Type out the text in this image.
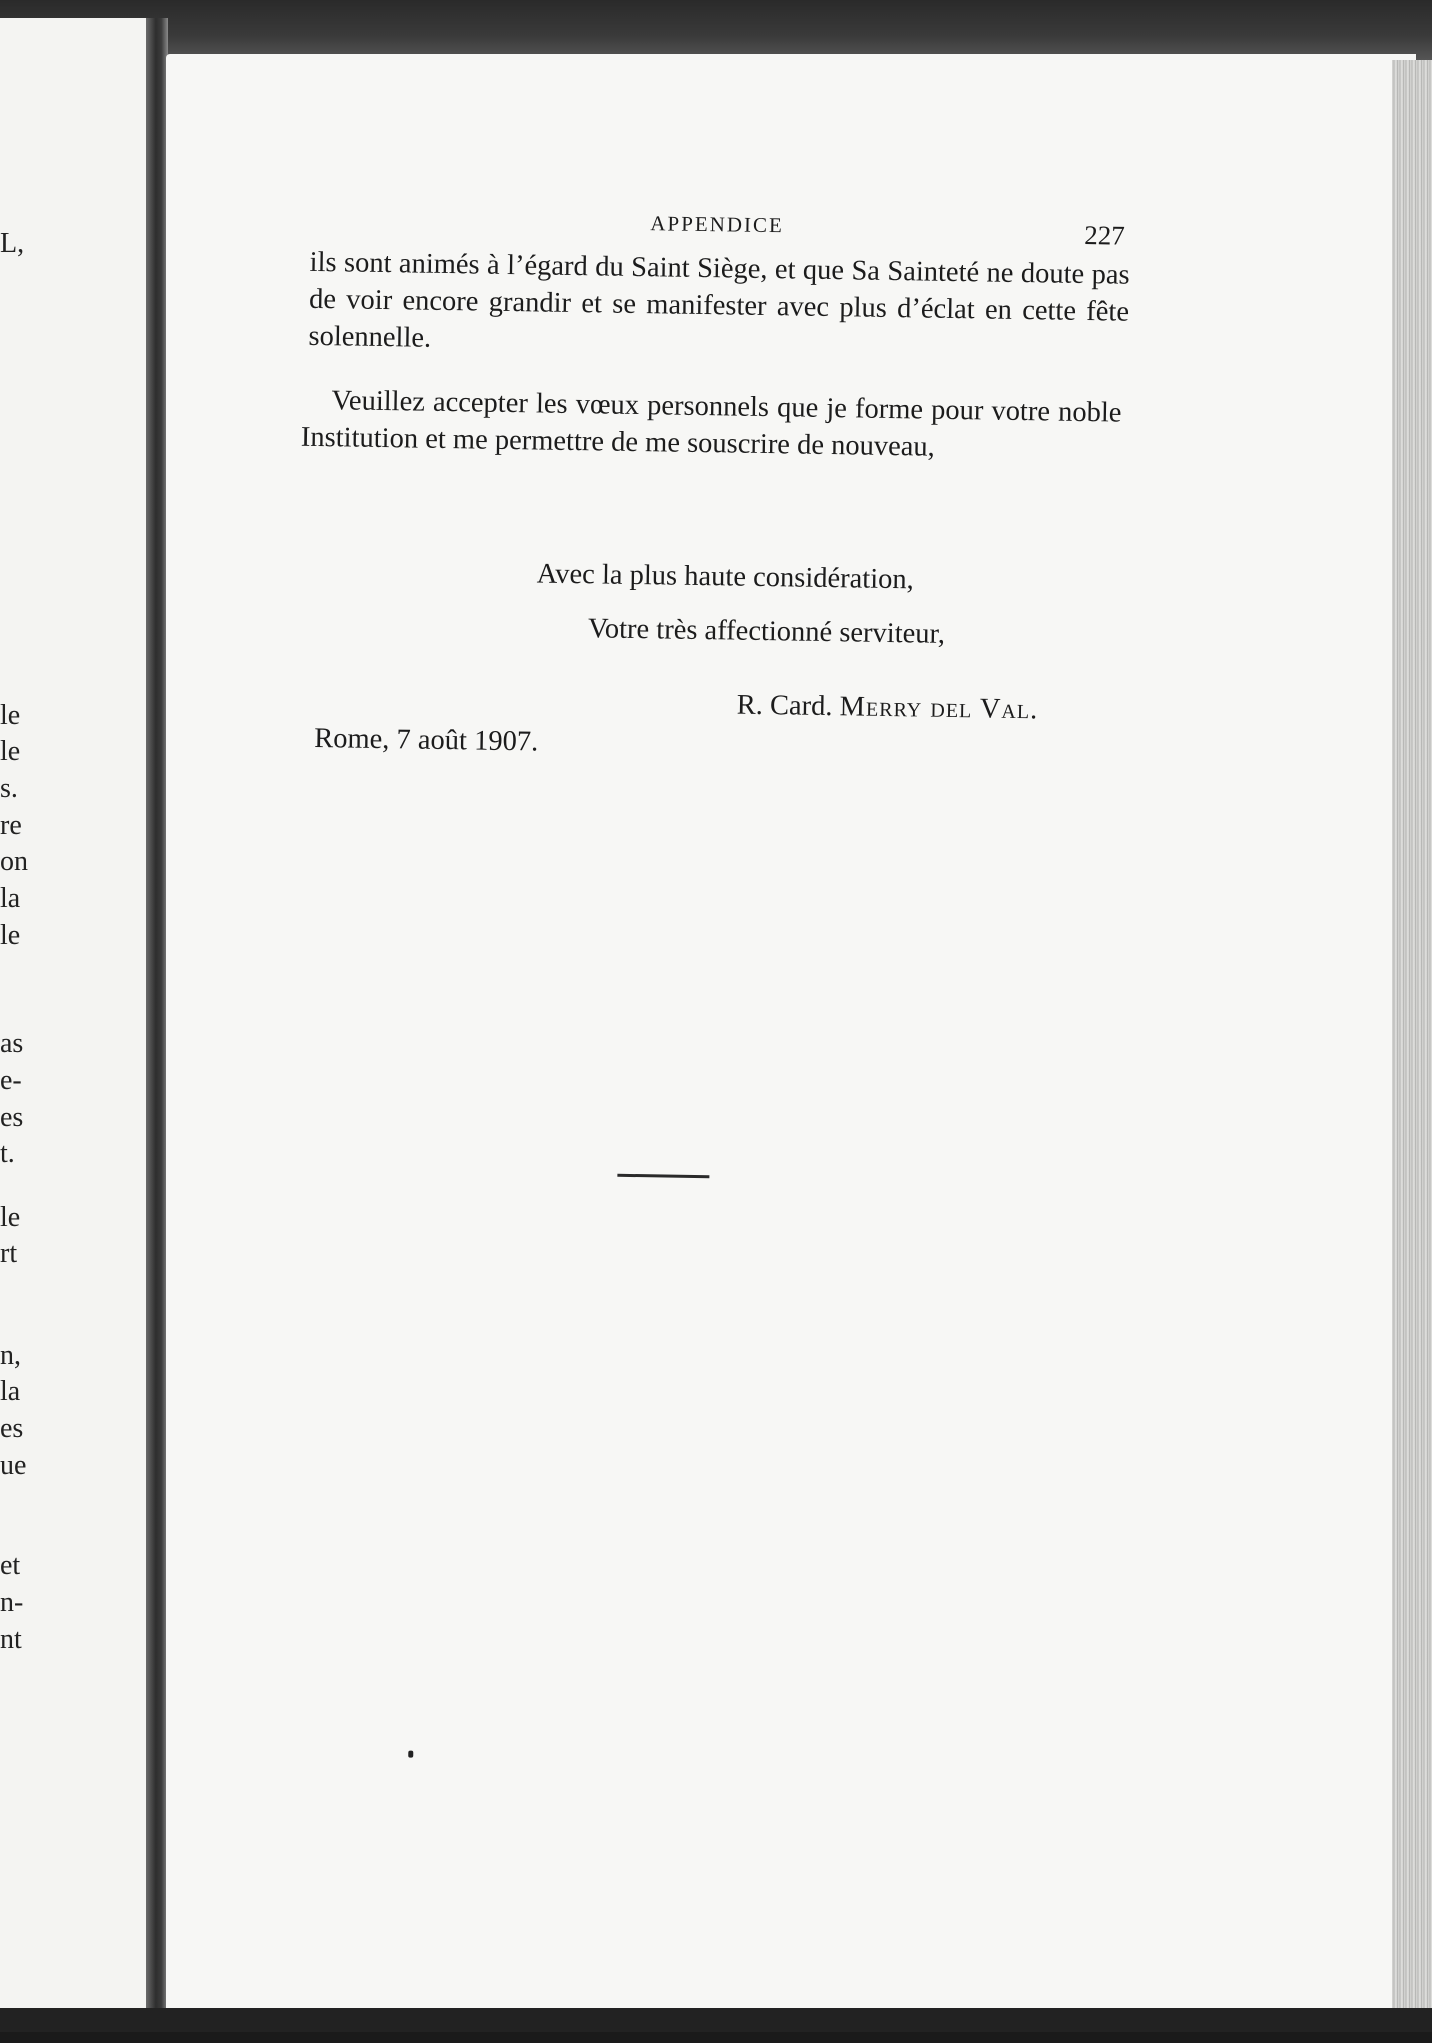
L,
le
le
s.
re
on
la
le
as
e-
es
t.
le
rt
n,
la
es
ue
et
n-
nt
APPENDICE	227
ils sont animés à l’égard du Saint Siège, et que Sa Sainteté ne doute pas de voir encore grandir et se manifester avec plus d’éclat en cette fête solennelle.
Veuillez accepter les vœux personnels que je forme pour votre noble Institution et me permettre de me souscrire de nouveau,
Avec la plus haute considération,
Votre très affectionné serviteur,
R. Card. Merry del Val.
Rome, 7 août 1907.
